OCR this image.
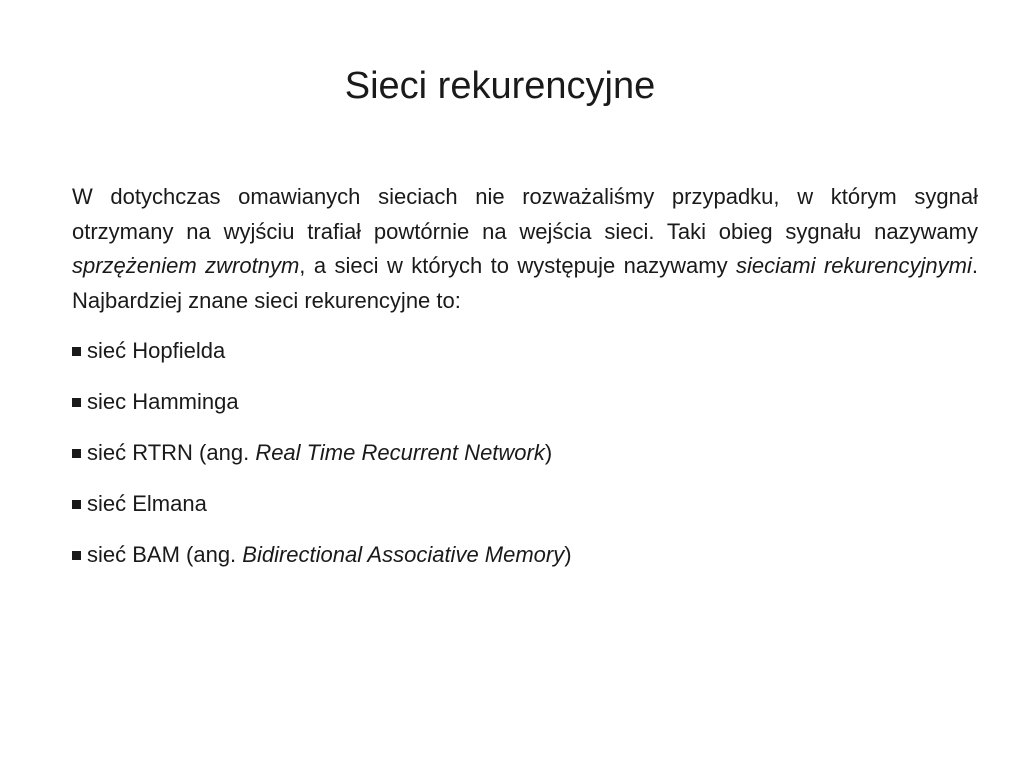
Sieci rekurencyjne

W dotychczas omawianych sieciach nie rozważaliśmy przypadku, w którym sygnał otrzymany na wyjściu trafiał powtórnie na wejścia sieci. Taki obieg sygnału nazywamy sprzężeniem zwrotnym, a sieci w których to występuje nazywamy sieciami rekurencyjnymi. Najbardziej znane sieci rekurencyjne to:

sieć Hopfielda
siec Hamminga
sieć RTRN (ang. Real Time Recurrent Network)
sieć Elmana
sieć BAM (ang. Bidirectional Associative Memory)
